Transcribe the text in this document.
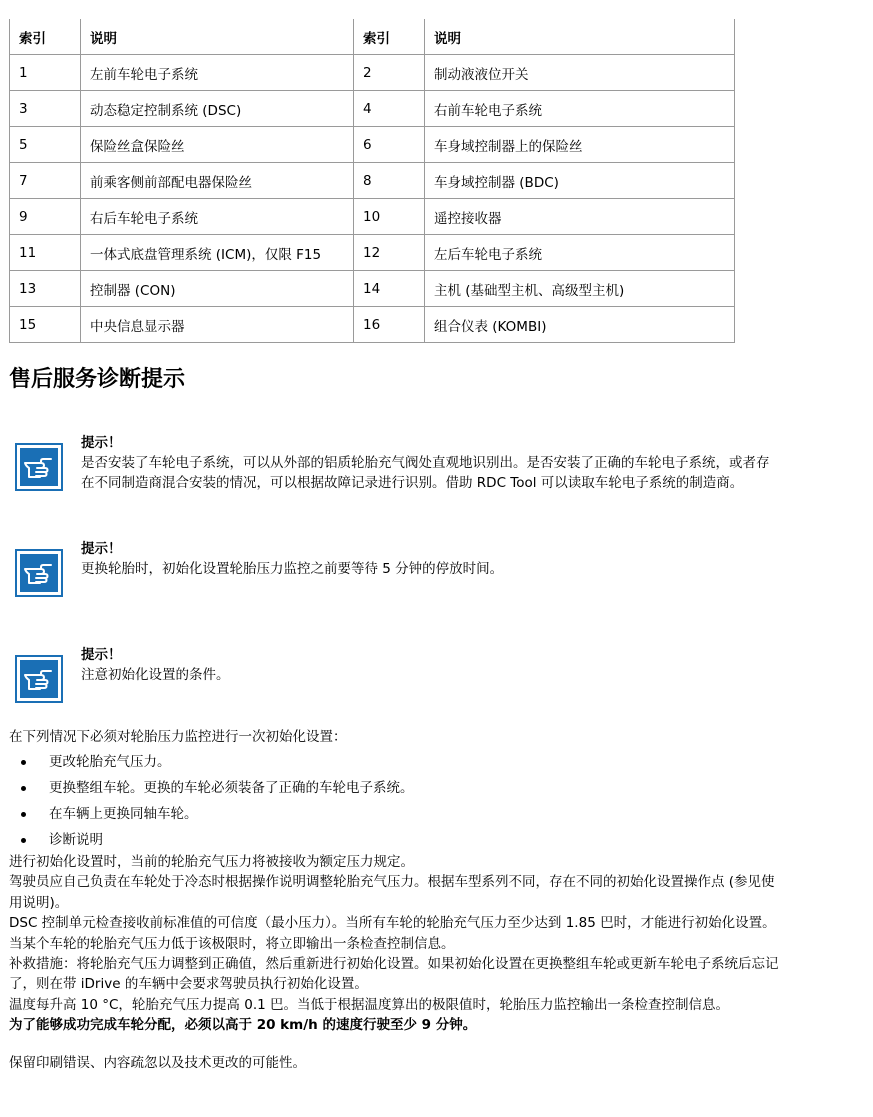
索引	说明	索引	说明
1	左前车轮电子系统	2	制动液液位开关
3	动态稳定控制系统 (DSC)	4	右前车轮电子系统
5	保险丝盒保险丝	6	车身域控制器上的保险丝
7	前乘客侧前部配电器保险丝	8	车身域控制器 (BDC)
9	右后车轮电子系统	10	遥控接收器
11	一体式底盘管理系统 (ICM)，仅限 F15	12	左后车轮电子系统
13	控制器 (CON)	14	主机 (基础型主机、高级型主机)
15	中央信息显示器	16	组合仪表 (KOMBI)
售后服务诊断提示
提示！
是否安装了车轮电子系统，可以从外部的铝质轮胎充气阀处直观地识别出。是否安装了正确的车轮电子系统，或者存
在不同制造商混合安装的情况，可以根据故障记录进行识别。借助 RDC Tool 可以读取车轮电子系统的制造商。
提示！
更换轮胎时，初始化设置轮胎压力监控之前要等待 5 分钟的停放时间。
提示！
注意初始化设置的条件。

在下列情况下必须对轮胎压力监控进行一次初始化设置：

更改轮胎充气压力。
更换整组车轮。更换的车轮必须装备了正确的车轮电子系统。
在车辆上更换同轴车轮。
诊断说明

进行初始化设置时，当前的轮胎充气压力将被接收为额定压力规定。

驾驶员应自己负责在车轮处于冷态时根据操作说明调整轮胎充气压力。根据车型系列不同，存在不同的初始化设置操作点 (参见使

用说明)。

DSC 控制单元检查接收前标准值的可信度（最小压力）。当所有车轮的轮胎充气压力至少达到 1.85 巴时，才能进行初始化设置。

当某个车轮的轮胎充气压力低于该极限时，将立即输出一条检查控制信息。

补救措施：将轮胎充气压力调整到正确值，然后重新进行初始化设置。如果初始化设置在更换整组车轮或更新车轮电子系统后忘记

了，则在带 iDrive 的车辆中会要求驾驶员执行初始化设置。

温度每升高 10 °C，轮胎充气压力提高 0.1 巴。当低于根据温度算出的极限值时，轮胎压力监控输出一条检查控制信息。

为了能够成功完成车轮分配，必须以高于 20 km/h 的速度行驶至少 9 分钟。

保留印刷错误、内容疏忽以及技术更改的可能性。
